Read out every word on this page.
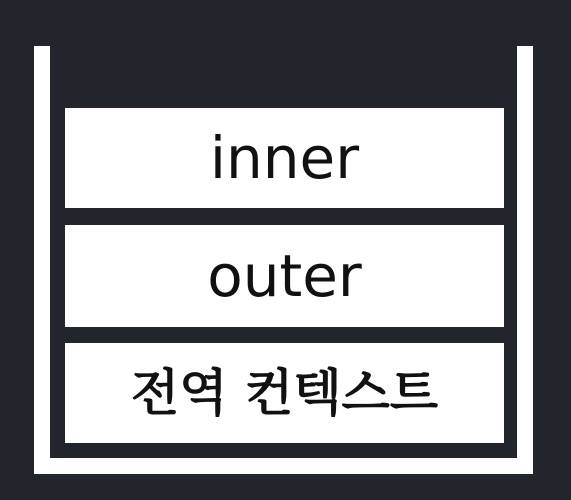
inner
outer
전역 컨텍스트
